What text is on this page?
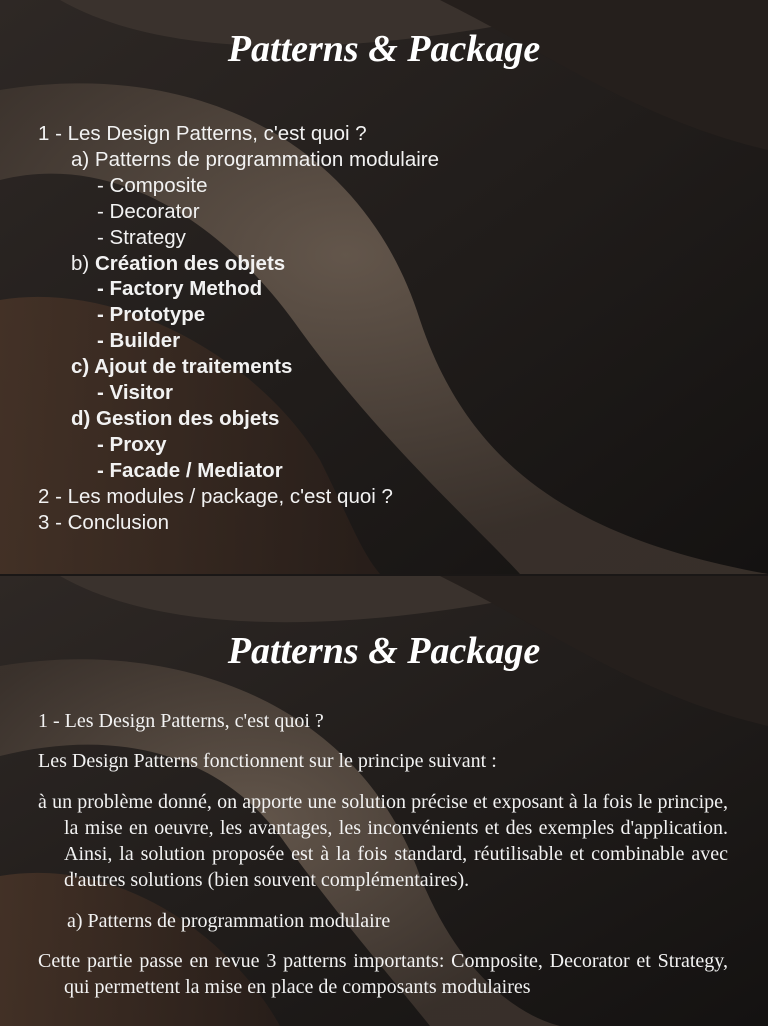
Patterns & Package
1 - Les Design Patterns, c'est quoi ?
a) Patterns de programmation modulaire
- Composite
- Decorator
- Strategy
b) Création des objets
- Factory Method
- Prototype
- Builder
c) Ajout de traitements
- Visitor
d) Gestion des objets
- Proxy
- Facade / Mediator
2 - Les modules / package, c'est quoi ?
3 - Conclusion
Patterns & Package

1 - Les Design Patterns, c'est quoi ?

Les Design Patterns fonctionnent sur le principe suivant :

à un problème donné, on apporte une solution précise et exposant à la fois le principe, la mise en oeuvre, les avantages, les inconvénients et des exemples d'application. Ainsi, la solution proposée est à la fois standard, réutilisable et combinable avec d'autres solutions (bien souvent complémentaires).

a) Patterns de programmation modulaire

Cette partie passe en revue 3 patterns importants: Composite, Decorator et Strategy, qui permettent la mise en place de composants modulaires
